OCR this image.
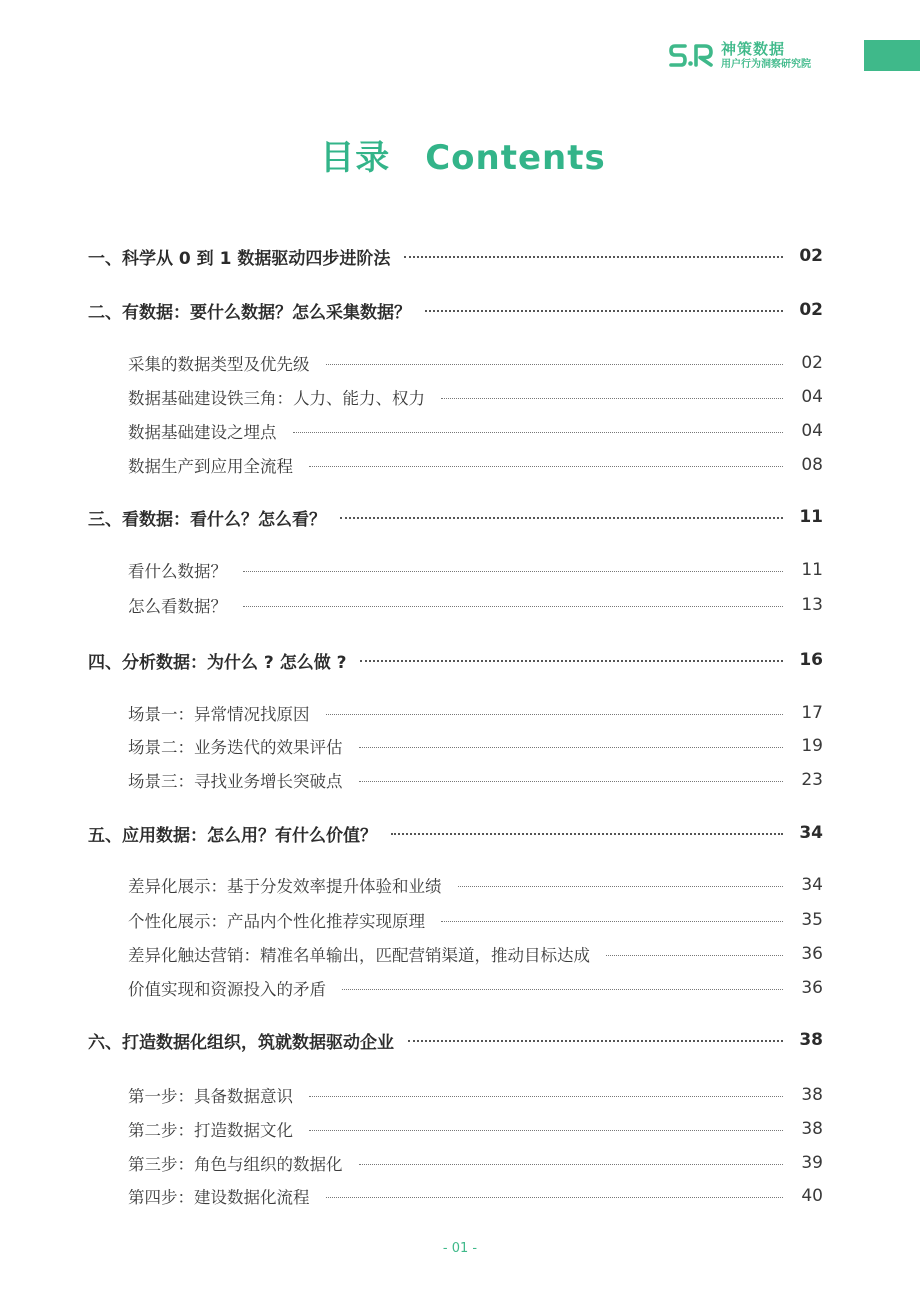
神策数据
用户行为洞察研究院
目录　Contents
一、科学从 0 到 1 数据驱动四步进阶法	02
二、有数据：要什么数据？怎么采集数据？	02
采集的数据类型及优先级	02
数据基础建设铁三角：人力、能力、权力	04
数据基础建设之埋点	04
数据生产到应用全流程	08
三、看数据：看什么？怎么看？	11
看什么数据？	11
怎么看数据？	13
四、分析数据：为什么 ? 怎么做 ?	16
场景一：异常情况找原因	17
场景二：业务迭代的效果评估	19
场景三：寻找业务增长突破点	23
五、应用数据：怎么用？有什么价值？	34
差异化展示：基于分发效率提升体验和业绩	34
个性化展示：产品内个性化推荐实现原理	35
差异化触达营销：精准名单输出，匹配营销渠道，推动目标达成	36
价值实现和资源投入的矛盾	36
六、打造数据化组织，筑就数据驱动企业	38
第一步：具备数据意识	38
第二步：打造数据文化	38
第三步：角色与组织的数据化	39
第四步：建设数据化流程	40
- 01 -
